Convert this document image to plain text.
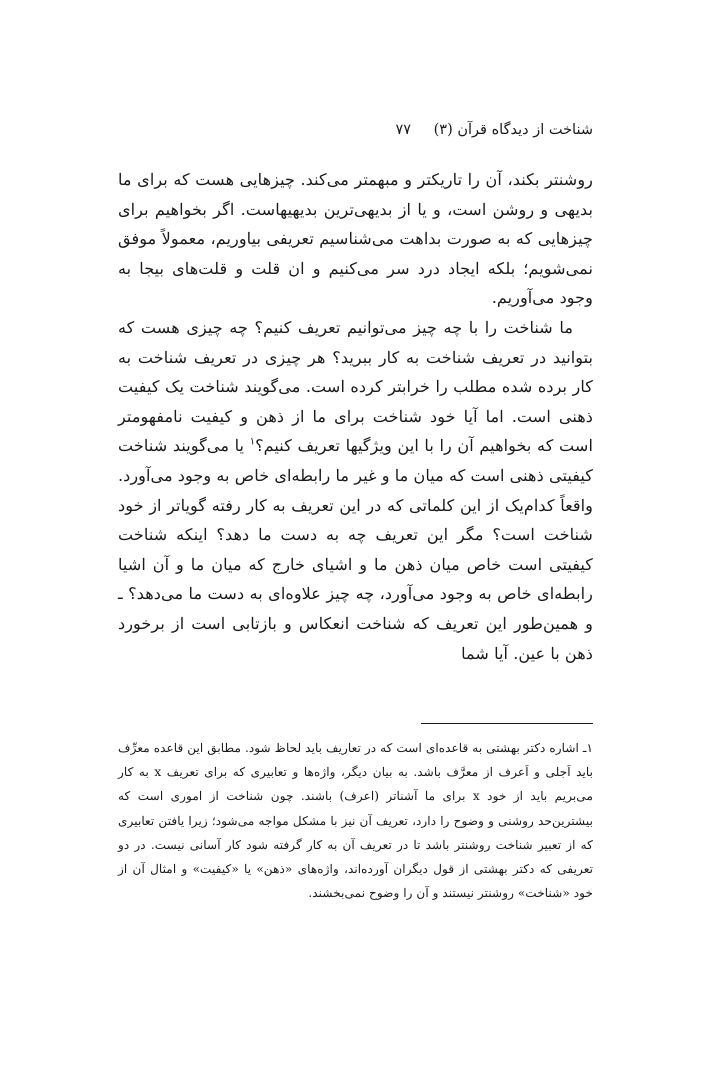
شناخت از دیدگاه قرآن (۳) ۷۷

روشنتر بکند، آن را تاریکتر و مبهمتر می‌کند. چیزهایی هست که برای ما بدیهی و روشن است، و یا از بدیهی‌ترین بدیهیهاست. اگر بخواهیم برای چیزهایی که به صورت بداهت می‌شناسیم تعریفی بیاوریم، معمولاً موفق نمی‌شویم؛ بلکه ایجاد درد سر می‌کنیم و ان قلت و قلت‌های بیجا به وجود می‌آوریم.

ما شناخت را با چه چیز می‌توانیم تعریف کنیم؟ چه چیزی هست که بتوانید در تعریف شناخت به کار ببرید؟ هر چیزی در تعریف شناخت به کار برده شده مطلب را خرابتر کرده است. می‌گویند شناخت یک کیفیت ذهنی است. اما آیا خود شناخت برای ما از ذهن و کیفیت نامفهومتر است که بخواهیم آن را با این ویژگیها تعریف کنیم؟$^۱$ یا می‌گویند شناخت کیفیتی ذهنی است که میان ما و غیر ما رابطه‌ای خاص به وجود می‌آورد. واقعاً کدام‌یک از این کلماتی که در این تعریف به کار رفته گویاتر از خود شناخت است؟ مگر این تعریف چه به دست ما دهد؟ اینکه شناخت کیفیتی است خاص میان ذهن ما و اشیای خارج که میان ما و آن اشیا رابطه‌ای خاص به وجود می‌آورد، چه چیز علاوه‌ای به دست ما می‌دهد؟ ـ و همین‌طور این تعریف که شناخت انعکاس و بازتابی است از برخورد ذهن با عین. آیا شما

۱ـ اشاره دکتر بهشتی به قاعده‌ای است که در تعاریف باید لحاظ شود. مطابق این قاعده معرِّف باید اَجلی و اَعرف از معرَّف باشد. به بیان دیگر، واژه‌ها و تعابیری که برای تعریف x به کار می‌بریم باید از خود x برای ما آشناتر (اعرف) باشند. چون شناخت از اموری است که بیشترین‌حد روشنی و وضوح را دارد، تعریف آن نیز با مشکل مواجه می‌شود؛ زیرا یافتن تعابیری که از تعبیر شناخت روشنتر باشد تا در تعریف آن به کار گرفته شود کار آسانی نیست. در دو تعریفی که دکتر بهشتی از قول دیگران آورده‌اند، واژه‌های «ذهن» یا «کیفیت» و امثال آن از خود «شناخت» روشنتر نیستند و آن را وضوح نمی‌بخشند.
